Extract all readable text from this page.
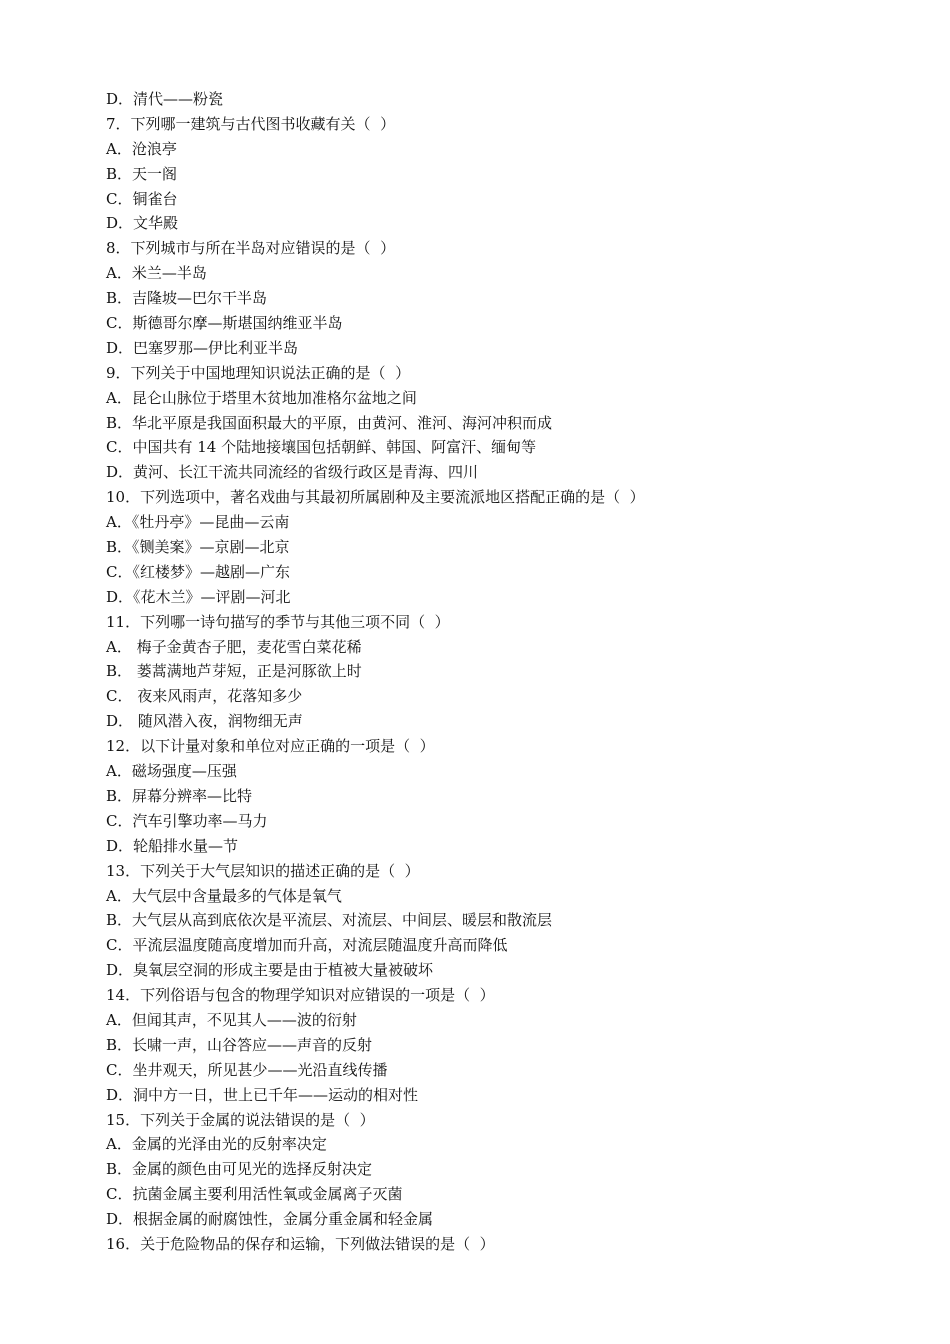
D．清代——粉瓷
7．下列哪一建筑与古代图书收藏有关（  ）
A．沧浪亭
B．天一阁
C．铜雀台
D．文华殿
8．下列城市与所在半岛对应错误的是（  ）
A．米兰—半岛
B．吉隆坡—巴尔干半岛
C．斯德哥尔摩—斯堪国纳维亚半岛
D．巴塞罗那—伊比利亚半岛
9．下列关于中国地理知识说法正确的是（  ）
A．昆仑山脉位于塔里木贫地加准格尔盆地之间
B．华北平原是我国面积最大的平原，由黄河、淮河、海河冲积而成
C．中国共有 14 个陆地接壤国包括朝鲜、韩国、阿富汗、缅甸等
D．黄河、长江干流共同流经的省级行政区是青海、四川
10．下列选项中，著名戏曲与其最初所属剧种及主要流派地区搭配正确的是（  ）
A．《牡丹亭》—昆曲—云南
B．《铡美案》—京剧—北京
C．《红楼梦》—越剧—广东
D．《花木兰》—评剧—河北
11．下列哪一诗句描写的季节与其他三项不同（  ）
A． 梅子金黄杏子肥，麦花雪白菜花稀
B． 蒌蒿满地芦芽短，正是河豚欲上时
C． 夜来风雨声，花落知多少
D． 随风潜入夜，润物细无声
12．以下计量对象和单位对应正确的一项是（  ）
A．磁场强度—压强
B．屏幕分辨率—比特
C．汽车引擎功率—马力
D．轮船排水量—节
13．下列关于大气层知识的描述正确的是（  ）
A．大气层中含量最多的气体是氧气
B．大气层从高到底依次是平流层、对流层、中间层、暖层和散流层
C．平流层温度随高度增加而升高，对流层随温度升高而降低
D．臭氧层空洞的形成主要是由于植被大量被破坏
14．下列俗语与包含的物理学知识对应错误的一项是（  ）
A．但闻其声，不见其人——波的衍射
B．长啸一声，山谷答应——声音的反射
C．坐井观天，所见甚少——光沿直线传播
D．洞中方一日，世上已千年——运动的相对性
15．下列关于金属的说法错误的是（  ）
A．金属的光泽由光的反射率决定
B．金属的颜色由可见光的选择反射决定
C．抗菌金属主要利用活性氧或金属离子灭菌
D．根据金属的耐腐蚀性，金属分重金属和轻金属
16．关于危险物品的保存和运输，下列做法错误的是（  ）
